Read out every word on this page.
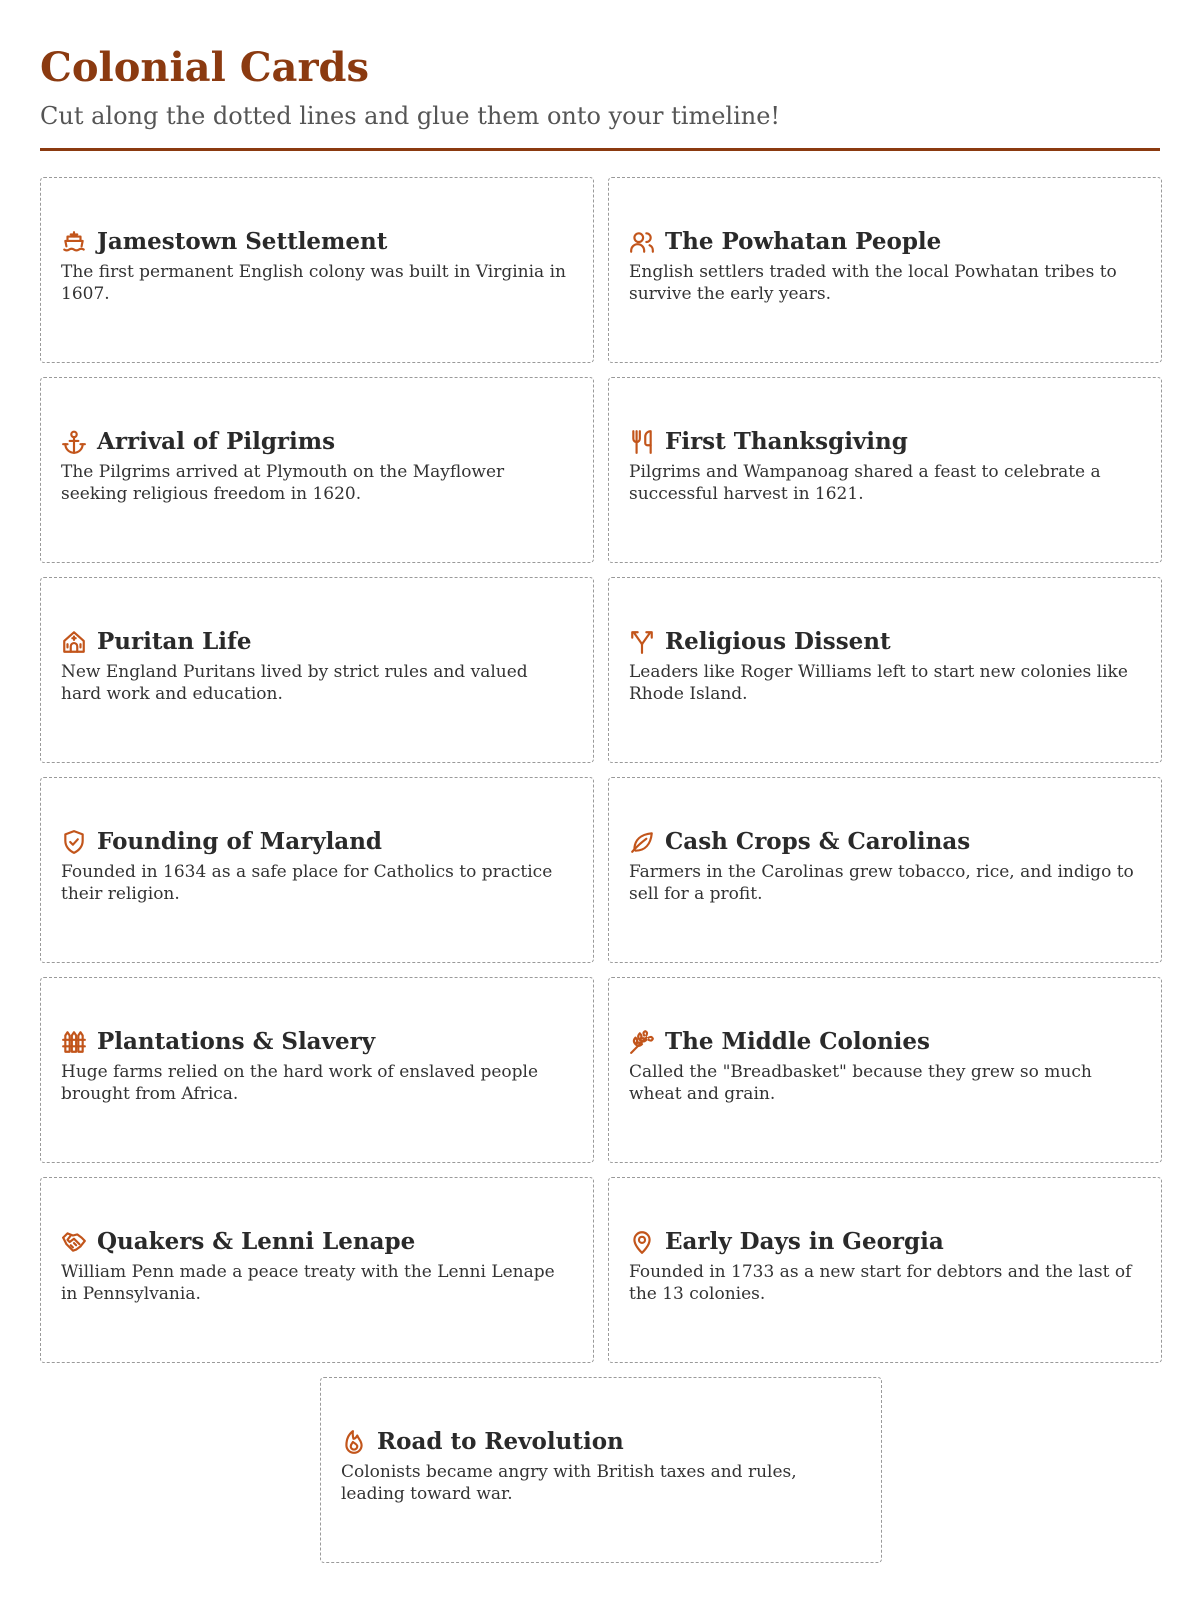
Colonial Cards

Cut along the dotted lines and glue them onto your timeline!

Jamestown Settlement
The first permanent English colony was built in Virginia in 1607.
The Powhatan People
English settlers traded with the local Powhatan tribes to survive the early years.
Arrival of Pilgrims
The Pilgrims arrived at Plymouth on the Mayflower seeking religious freedom in 1620.
First Thanksgiving
Pilgrims and Wampanoag shared a feast to celebrate a successful harvest in 1621.
Puritan Life
New England Puritans lived by strict rules and valued hard work and education.
Religious Dissent
Leaders like Roger Williams left to start new colonies like Rhode Island.
Founding of Maryland
Founded in 1634 as a safe place for Catholics to practice their religion.
Cash Crops & Carolinas
Farmers in the Carolinas grew tobacco, rice, and indigo to sell for a profit.
Plantations & Slavery
Huge farms relied on the hard work of enslaved people brought from Africa.
The Middle Colonies
Called the "Breadbasket" because they grew so much wheat and grain.
Quakers & Lenni Lenape
William Penn made a peace treaty with the Lenni Lenape in Pennsylvania.
Early Days in Georgia
Founded in 1733 as a new start for debtors and the last of the 13 colonies.
Road to Revolution
Colonists became angry with British taxes and rules, leading toward war.
